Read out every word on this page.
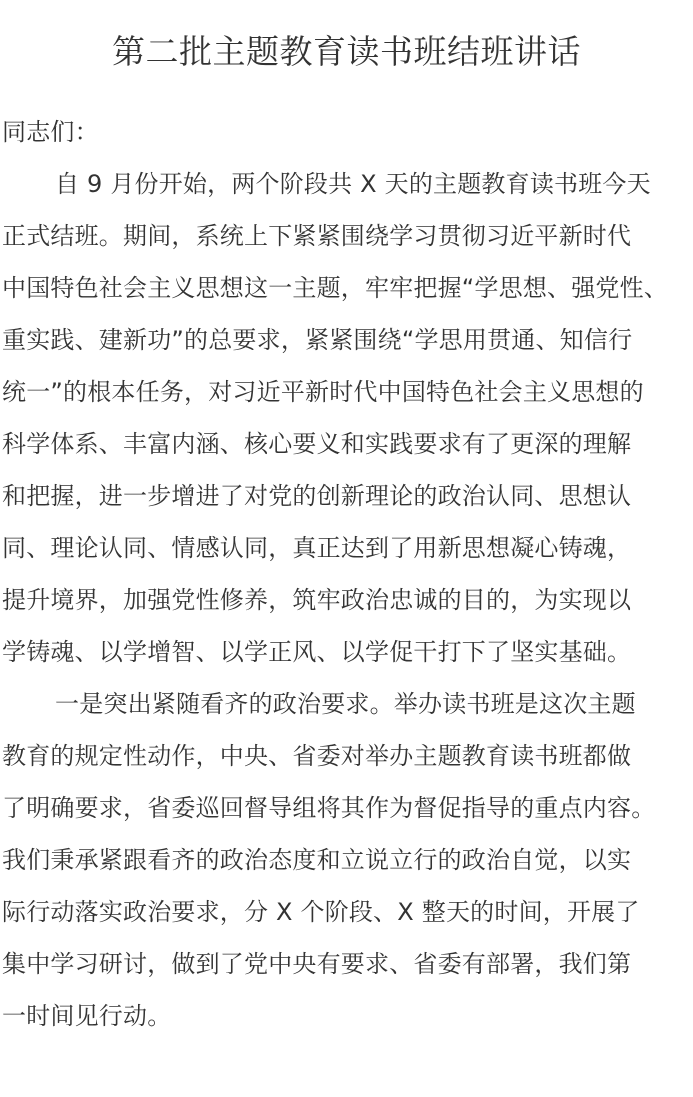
第二批主题教育读书班结班讲话
同志们：
自 9 月份开始，两个阶段共 X 天的主题教育读书班今天
正式结班。期间，系统上下紧紧围绕学习贯彻习近平新时代
中国特色社会主义思想这一主题，牢牢把握“学思想、强党性、
重实践、建新功”的总要求，紧紧围绕“学思用贯通、知信行
统一”的根本任务，对习近平新时代中国特色社会主义思想的
科学体系、丰富内涵、核心要义和实践要求有了更深的理解
和把握，进一步增进了对党的创新理论的政治认同、思想认
同、理论认同、情感认同，真正达到了用新思想凝心铸魂，
提升境界，加强党性修养，筑牢政治忠诚的目的，为实现以
学铸魂、以学增智、以学正风、以学促干打下了坚实基础。
一是突出紧随看齐的政治要求。举办读书班是这次主题
教育的规定性动作，中央、省委对举办主题教育读书班都做
了明确要求，省委巡回督导组将其作为督促指导的重点内容。
我们秉承紧跟看齐的政治态度和立说立行的政治自觉，以实
际行动落实政治要求，分 X 个阶段、X 整天的时间，开展了
集中学习研讨，做到了党中央有要求、省委有部署，我们第
一时间见行动。
